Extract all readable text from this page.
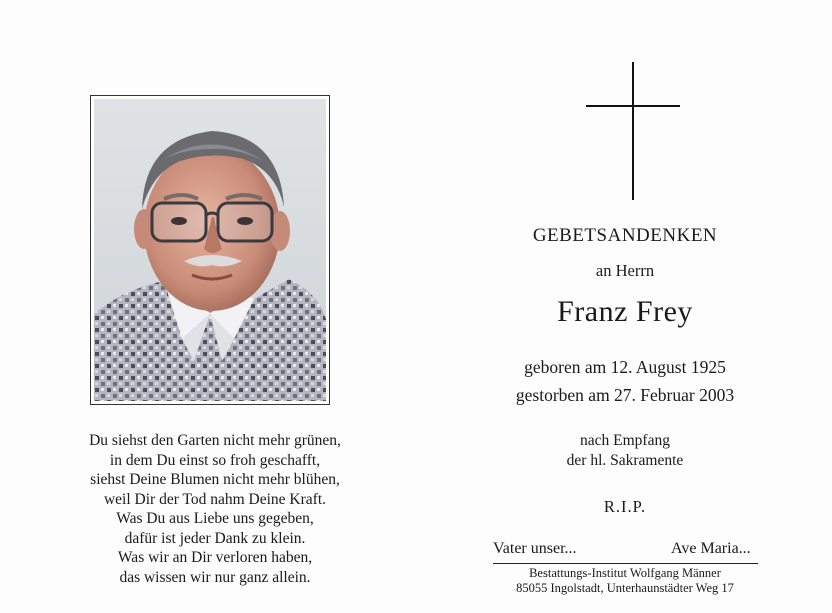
Du siehst den Garten nicht mehr grünen,
in dem Du einst so froh geschafft,
siehst Deine Blumen nicht mehr blühen,
weil Dir der Tod nahm Deine Kraft.
Was Du aus Liebe uns gegeben,
dafür ist jeder Dank zu klein.
Was wir an Dir verloren haben,
das wissen wir nur ganz allein.
GEBETSANDENKEN
an Herrn
Franz Frey
geboren am 12. August 1925
gestorben am 27. Februar 2003
nach Empfang
der hl. Sakramente
R.I.P.
Vater unser...	Ave Maria...
Bestattungs-Institut Wolfgang Männer
85055 Ingolstadt, Unterhaunstädter Weg 17
